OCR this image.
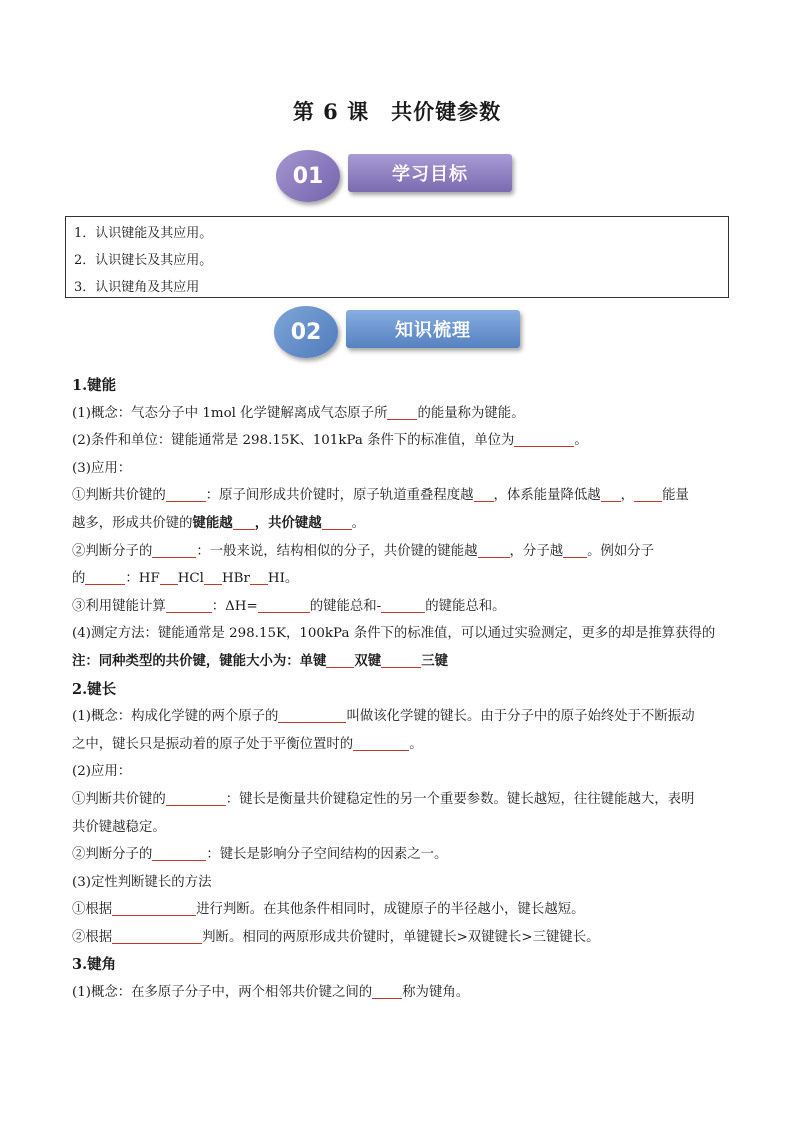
第 6 课　共价键参数
01	学习目标
1．认识键能及其应用。
2．认识键长及其应用。
3．认识键角及其应用
02	知识梳理
1.键能
(1)概念：气态分子中 1mol 化学键解离成气态原子所 的能量称为键能。
(2)条件和单位：键能通常是 298.15K、101kPa 条件下的标准值，单位为	。
(3)应用：
①判断共价键的	：原子间形成共价键时，原子轨道重叠程度越 ，体系能量降低越 ， 能量
越多，形成共价键的键能越 ，共价键越 。
②判断分子的	：一般来说，结构相似的分子，共价键的键能越 ，分子越 。例如分子
的	：HF HCl HBr HI。
③利用键能计算	：ΔH=	的键能总和-	的键能总和。
(4)测定方法：键能通常是 298.15K，100kPa 条件下的标准值，可以通过实验测定，更多的却是推算获得的
注：同种类型的共价键，键能大小为：单键 双键	三键
2.键长
(1)概念：构成化学键的两个原子的	叫做该化学键的键长。由于分子中的原子始终处于不断振动
之中，键长只是振动着的原子处于平衡位置时的	。
(2)应用：
①判断共价键的	：键长是衡量共价键稳定性的另一个重要参数。键长越短，往往键能越大，表明
共价键越稳定。
②判断分子的	：键长是影响分子空间结构的因素之一。
(3)定性判断键长的方法
①根据	进行判断。在其他条件相同时，成键原子的半径越小，键长越短。
②根据	判断。相同的两原形成共价键时，单键键长>双键键长>三键键长。
3.键角
(1)概念：在多原子分子中，两个相邻共价键之间的 称为键角。
